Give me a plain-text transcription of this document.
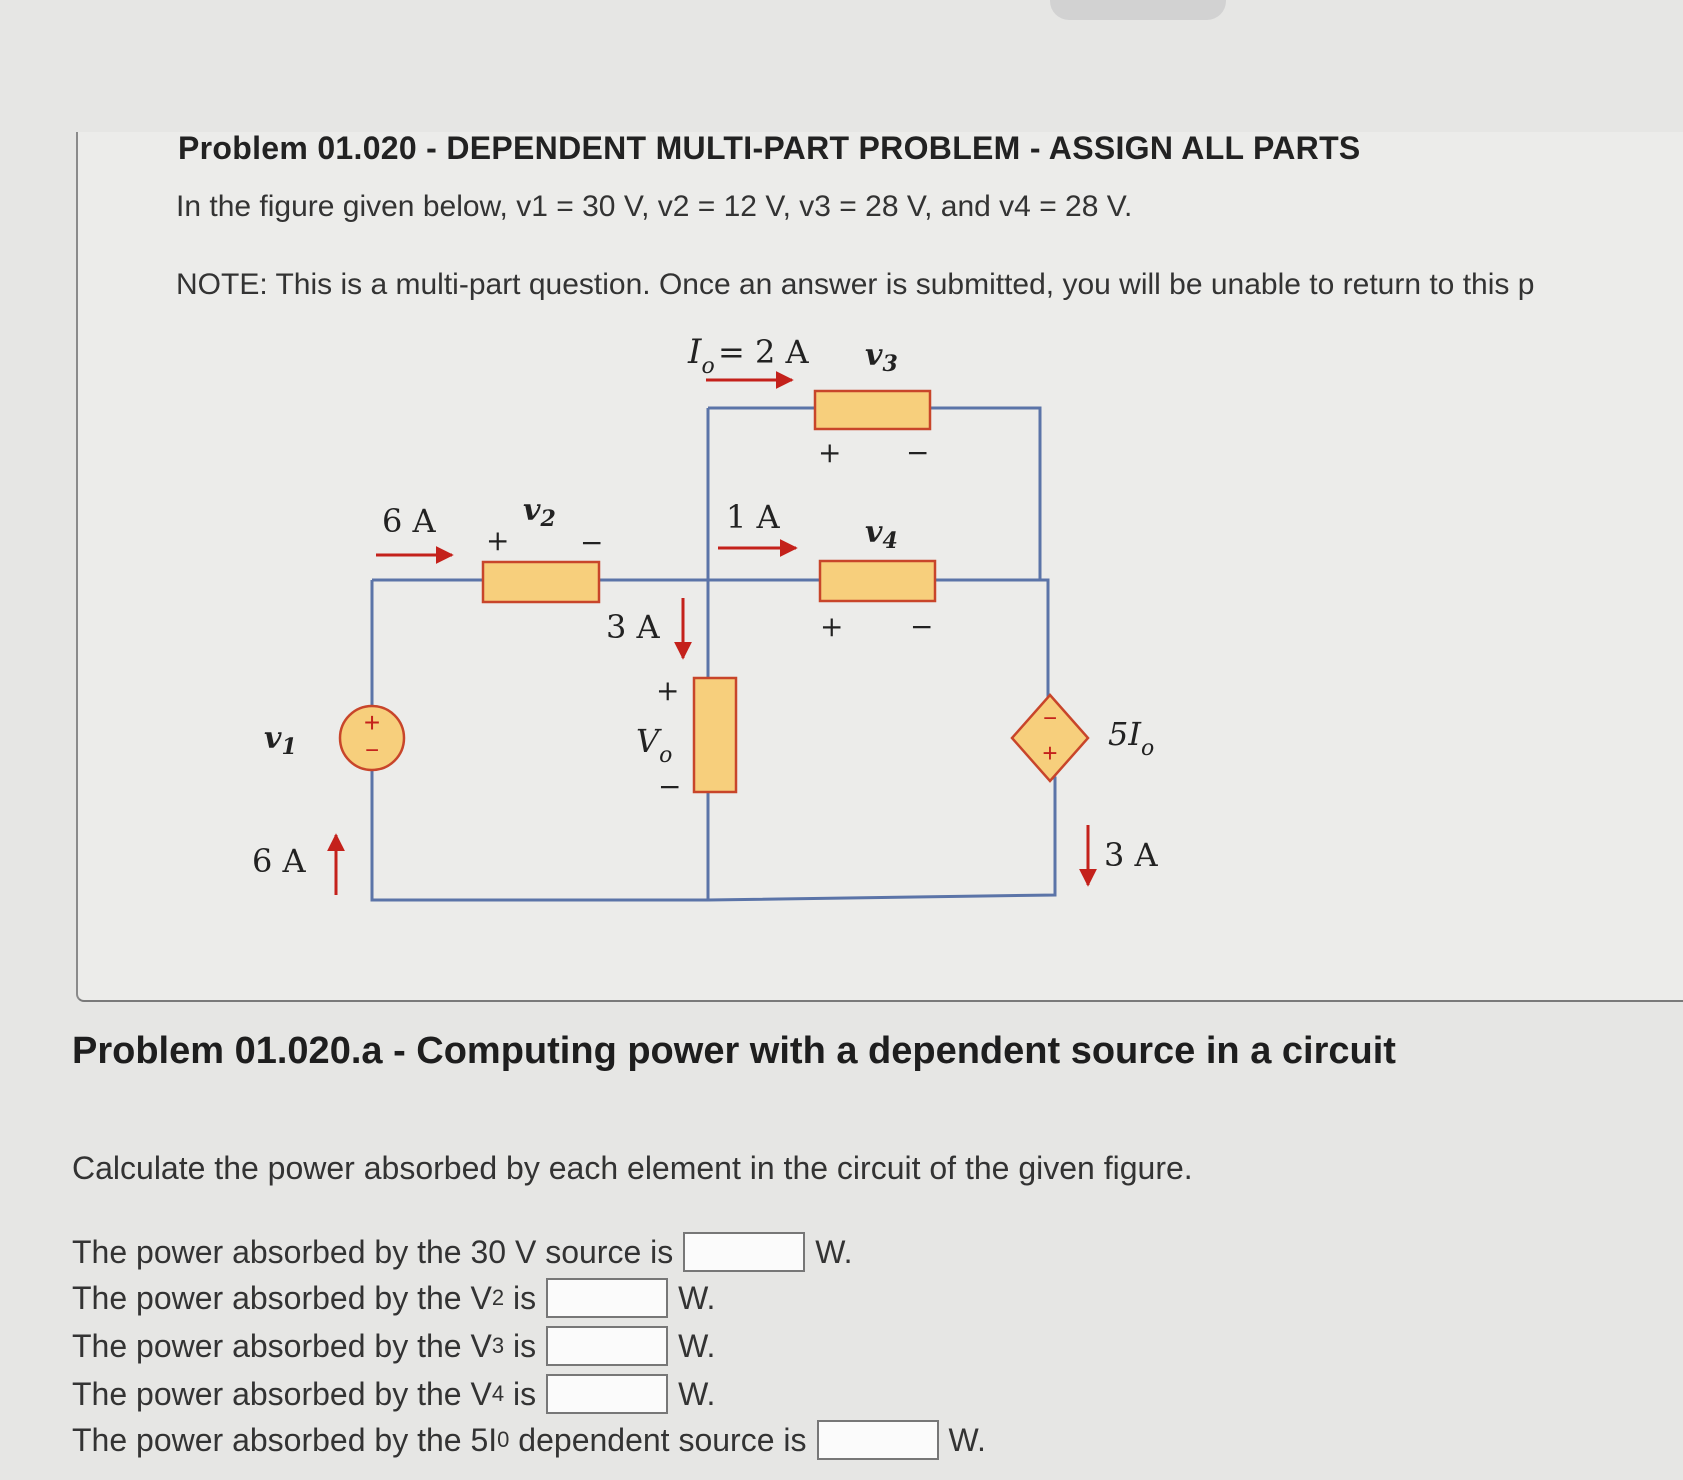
Problem 01.020 - DEPENDENT MULTI-PART PROBLEM - ASSIGN ALL PARTS
In the figure given below, v1 = 30 V, v2 = 12 V, v3 = 28 V, and v4 = 28 V.
NOTE: This is a multi-part question. Once an answer is submitted, you will be unable to return to this p
+
−
−
+
$I_o = 2$ A $v_3$
+ −
6 A	$v_2$
+	−
1 A	$v_4$
+ −
3 A
+
$V_o$
−
$v_1$
6 A
$5I_o$
3 A
Problem 01.020.a - Computing power with a dependent source in a circuit
Calculate the power absorbed by each element in the circuit of the given figure.
The power absorbed by the 30 V source is	W.
The power absorbed by the V 2
is	W.
The power absorbed by the V 3
is	W.
The power absorbed by the V 4
is	W.
The power absorbed by the 5I 0
dependent source is	W.
